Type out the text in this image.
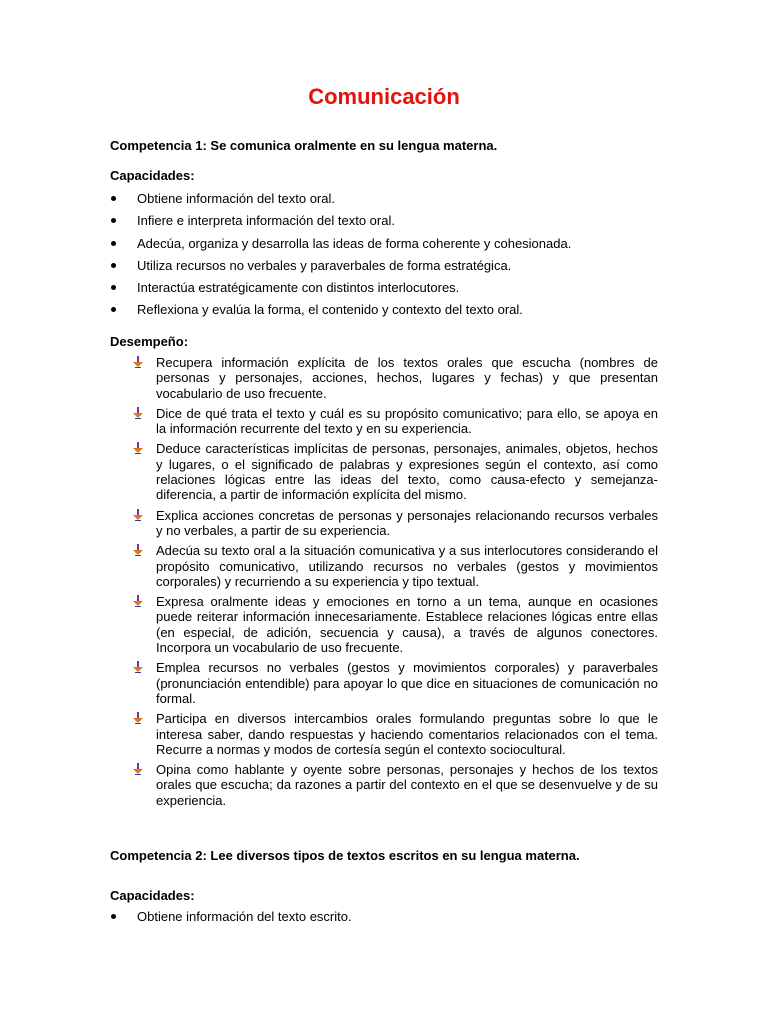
Comunicación
Competencia 1: Se comunica oralmente en su lengua materna.
Capacidades:
Obtiene información del texto oral.
Infiere e interpreta información del texto oral.
Adecúa, organiza y desarrolla las ideas de forma coherente y cohesionada.
Utiliza recursos no verbales y paraverbales de forma estratégica.
Interactúa estratégicamente con distintos interlocutores.
Reflexiona y evalúa la forma, el contenido y contexto del texto oral.
Desempeño:
Recupera información explícita de los textos orales que escucha (nombres de personas y personajes, acciones, hechos, lugares y fechas) y que presentan vocabulario de uso frecuente.
Dice de qué trata el texto y cuál es su propósito comunicativo; para ello, se apoya en la información recurrente del texto y en su experiencia.
Deduce características implícitas de personas, personajes, animales, objetos, hechos y lugares, o el significado de palabras y expresiones según el contexto, así como relaciones lógicas entre las ideas del texto, como causa-efecto y semejanza-diferencia, a partir de información explícita del mismo.
Explica acciones concretas de personas y personajes relacionando recursos verbales y no verbales, a partir de su experiencia.
Adecúa su texto oral a la situación comunicativa y a sus interlocutores considerando el propósito comunicativo, utilizando recursos no verbales (gestos y movimientos corporales) y recurriendo a su experiencia y tipo textual.
Expresa oralmente ideas y emociones en torno a un tema, aunque en ocasiones puede reiterar información innecesariamente. Establece relaciones lógicas entre ellas (en especial, de adición, secuencia y causa), a través de algunos conectores. Incorpora un vocabulario de uso frecuente.
Emplea recursos no verbales (gestos y movimientos corporales) y paraverbales (pronunciación entendible) para apoyar lo que dice en situaciones de comunicación no formal.
Participa en diversos intercambios orales formulando preguntas sobre lo que le interesa saber, dando respuestas y haciendo comentarios relacionados con el tema. Recurre a normas y modos de cortesía según el contexto sociocultural.
Opina como hablante y oyente sobre personas, personajes y hechos de los textos orales que escucha; da razones a partir del contexto en el que se desenvuelve y de su experiencia.
Competencia 2: Lee diversos tipos de textos escritos en su lengua materna.
Capacidades:
Obtiene información del texto escrito.
